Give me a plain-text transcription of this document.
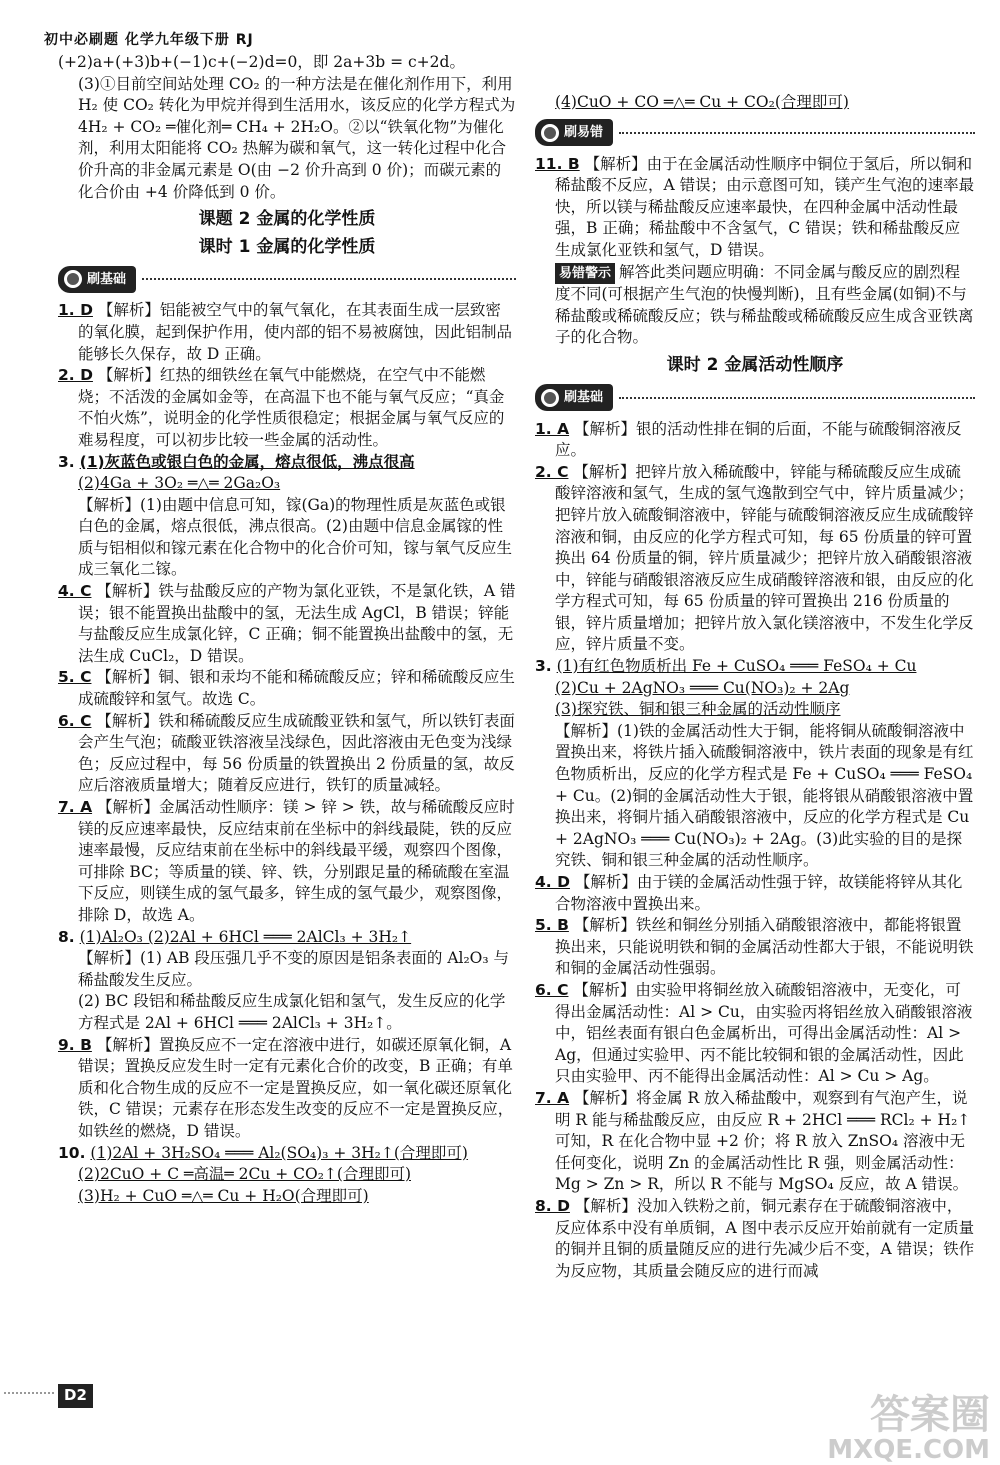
初中必刷题 化学九年级下册 RJ

(+2)a+(+3)b+(−1)c+(−2)d=0，即 2a+3b = c+2d。

(3)①目前空间站处理 CO₂ 的一种方法是在催化剂作用下，利用 H₂ 使 CO₂ 转化为甲烷并得到生活用水，该反应的化学方程式为 4H₂ + CO₂ ═催化剂═ CH₄ + 2H₂O。②以“铁氧化物”为催化剂，利用太阳能将 CO₂ 热解为碳和氧气，这一转化过程中化合价升高的非金属元素是 O(由 −2 价升高到 0 价)；而碳元素的化合价由 +4 价降低到 0 价。

课题 2 金属的化学性质
课时 1 金属的化学性质
刷基础

1. D 【解析】铝能被空气中的氧气氧化，在其表面生成一层致密的氧化膜，起到保护作用，使内部的铝不易被腐蚀，因此铝制品能够长久保存，故 D 正确。

2. D 【解析】红热的细铁丝在氧气中能燃烧，在空气中不能燃烧；不活泼的金属如金等，在高温下也不能与氧气反应；“真金不怕火炼”，说明金的化学性质很稳定；根据金属与氧气反应的难易程度，可以初步比较一些金属的活动性。

3. (1)灰蓝色或银白色的金属，熔点很低，沸点很高

(2)4Ga + 3O₂ ═△═ 2Ga₂O₃

【解析】(1)由题中信息可知，镓(Ga)的物理性质是灰蓝色或银白色的金属，熔点很低，沸点很高。(2)由题中信息金属镓的性质与铝相似和镓元素在化合物中的化合价可知，镓与氧气反应生成三氧化二镓。

4. C 【解析】铁与盐酸反应的产物为氯化亚铁，不是氯化铁，A 错误；银不能置换出盐酸中的氢，无法生成 AgCl，B 错误；锌能与盐酸反应生成氯化锌，C 正确；铜不能置换出盐酸中的氢，无法生成 CuCl₂，D 错误。

5. C 【解析】铜、银和汞均不能和稀硫酸反应；锌和稀硫酸反应生成硫酸锌和氢气。故选 C。

6. C 【解析】铁和稀硫酸反应生成硫酸亚铁和氢气，所以铁钉表面会产生气泡；硫酸亚铁溶液呈浅绿色，因此溶液由无色变为浅绿色；反应过程中，每 56 份质量的铁置换出 2 份质量的氢，故反应后溶液质量增大；随着反应进行，铁钉的质量减轻。

7. A 【解析】金属活动性顺序：镁 > 锌 > 铁，故与稀硫酸反应时镁的反应速率最快，反应结束前在坐标中的斜线最陡，铁的反应速率最慢，反应结束前在坐标中的斜线最平缓，观察四个图像，可排除 BC；等质量的镁、锌、铁，分别跟足量的稀硫酸在室温下反应，则镁生成的氢气最多，锌生成的氢气最少，观察图像，排除 D，故选 A。

8. (1)Al₂O₃ (2)2Al + 6HCl ═══ 2AlCl₃ + 3H₂↑

【解析】(1) AB 段压强几乎不变的原因是铝条表面的 Al₂O₃ 与稀盐酸发生反应。

(2) BC 段铝和稀盐酸反应生成氯化铝和氢气，发生反应的化学方程式是 2Al + 6HCl ═══ 2AlCl₃ + 3H₂↑。

9. B 【解析】置换反应不一定在溶液中进行，如碳还原氧化铜，A 错误；置换反应发生时一定有元素化合价的改变，B 正确；有单质和化合物生成的反应不一定是置换反应，如一氧化碳还原氧化铁，C 错误；元素存在形态发生改变的反应不一定是置换反应，如铁丝的燃烧，D 错误。

10. (1)2Al + 3H₂SO₄ ═══ Al₂(SO₄)₃ + 3H₂↑(合理即可)

(2)2CuO + C ═高温═ 2Cu + CO₂↑(合理即可)

(3)H₂ + CuO ═△═ Cu + H₂O(合理即可)

(4)CuO + CO ═△═ Cu + CO₂(合理即可)

刷易错

11. B 【解析】由于在金属活动性顺序中铜位于氢后，所以铜和稀盐酸不反应，A 错误；由示意图可知，镁产生气泡的速率最快，所以镁与稀盐酸反应速率最快，在四种金属中活动性最强，B 正确；稀盐酸中不含氢气，C 错误；铁和稀盐酸反应生成氯化亚铁和氢气，D 错误。

易错警示 解答此类问题应明确：不同金属与酸反应的剧烈程度不同(可根据产生气泡的快慢判断)，且有些金属(如铜)不与稀盐酸或稀硫酸反应；铁与稀盐酸或稀硫酸反应生成含亚铁离子的化合物。

课时 2 金属活动性顺序
刷基础

1. A 【解析】银的活动性排在铜的后面，不能与硫酸铜溶液反应。

2. C 【解析】把锌片放入稀硫酸中，锌能与稀硫酸反应生成硫酸锌溶液和氢气，生成的氢气逸散到空气中，锌片质量减少；把锌片放入硫酸铜溶液中，锌能与硫酸铜溶液反应生成硫酸锌溶液和铜，由反应的化学方程式可知，每 65 份质量的锌可置换出 64 份质量的铜，锌片质量减少；把锌片放入硝酸银溶液中，锌能与硝酸银溶液反应生成硝酸锌溶液和银，由反应的化学方程式可知，每 65 份质量的锌可置换出 216 份质量的银，锌片质量增加；把锌片放入氯化镁溶液中，不发生化学反应，锌片质量不变。

3. (1)有红色物质析出 Fe + CuSO₄ ═══ FeSO₄ + Cu

(2)Cu + 2AgNO₃ ═══ Cu(NO₃)₂ + 2Ag

(3)探究铁、铜和银三种金属的活动性顺序

【解析】(1)铁的金属活动性大于铜，能将铜从硫酸铜溶液中置换出来，将铁片插入硫酸铜溶液中，铁片表面的现象是有红色物质析出，反应的化学方程式是 Fe + CuSO₄ ═══ FeSO₄ + Cu。(2)铜的金属活动性大于银，能将银从硝酸银溶液中置换出来，将铜片插入硝酸银溶液中，反应的化学方程式是 Cu + 2AgNO₃ ═══ Cu(NO₃)₂ + 2Ag。(3)此实验的目的是探究铁、铜和银三种金属的活动性顺序。

4. D 【解析】由于镁的金属活动性强于锌，故镁能将锌从其化合物溶液中置换出来。

5. B 【解析】铁丝和铜丝分别插入硝酸银溶液中，都能将银置换出来，只能说明铁和铜的金属活动性都大于银，不能说明铁和铜的金属活动性强弱。

6. C 【解析】由实验甲将铜丝放入硫酸铝溶液中，无变化，可得出金属活动性：Al > Cu，由实验丙将铝丝放入硝酸银溶液中，铝丝表面有银白色金属析出，可得出金属活动性：Al > Ag，但通过实验甲、丙不能比较铜和银的金属活动性，因此只由实验甲、丙不能得出金属活动性：Al > Cu > Ag。

7. A 【解析】将金属 R 放入稀盐酸中，观察到有气泡产生，说明 R 能与稀盐酸反应，由反应 R + 2HCl ═══ RCl₂ + H₂↑ 可知，R 在化合物中显 +2 价；将 R 放入 ZnSO₄ 溶液中无任何变化，说明 Zn 的金属活动性比 R 强，则金属活动性：Mg > Zn > R，所以 R 不能与 MgSO₄ 反应，故 A 错误。

8. D 【解析】没加入铁粉之前，铜元素存在于硫酸铜溶液中，反应体系中没有单质铜，A 图中表示反应开始前就有一定质量的铜并且铜的质量随反应的进行先减少后不变，A 错误；铁作为反应物，其质量会随反应的进行而减

D2	答案圈
MXQE.COM
